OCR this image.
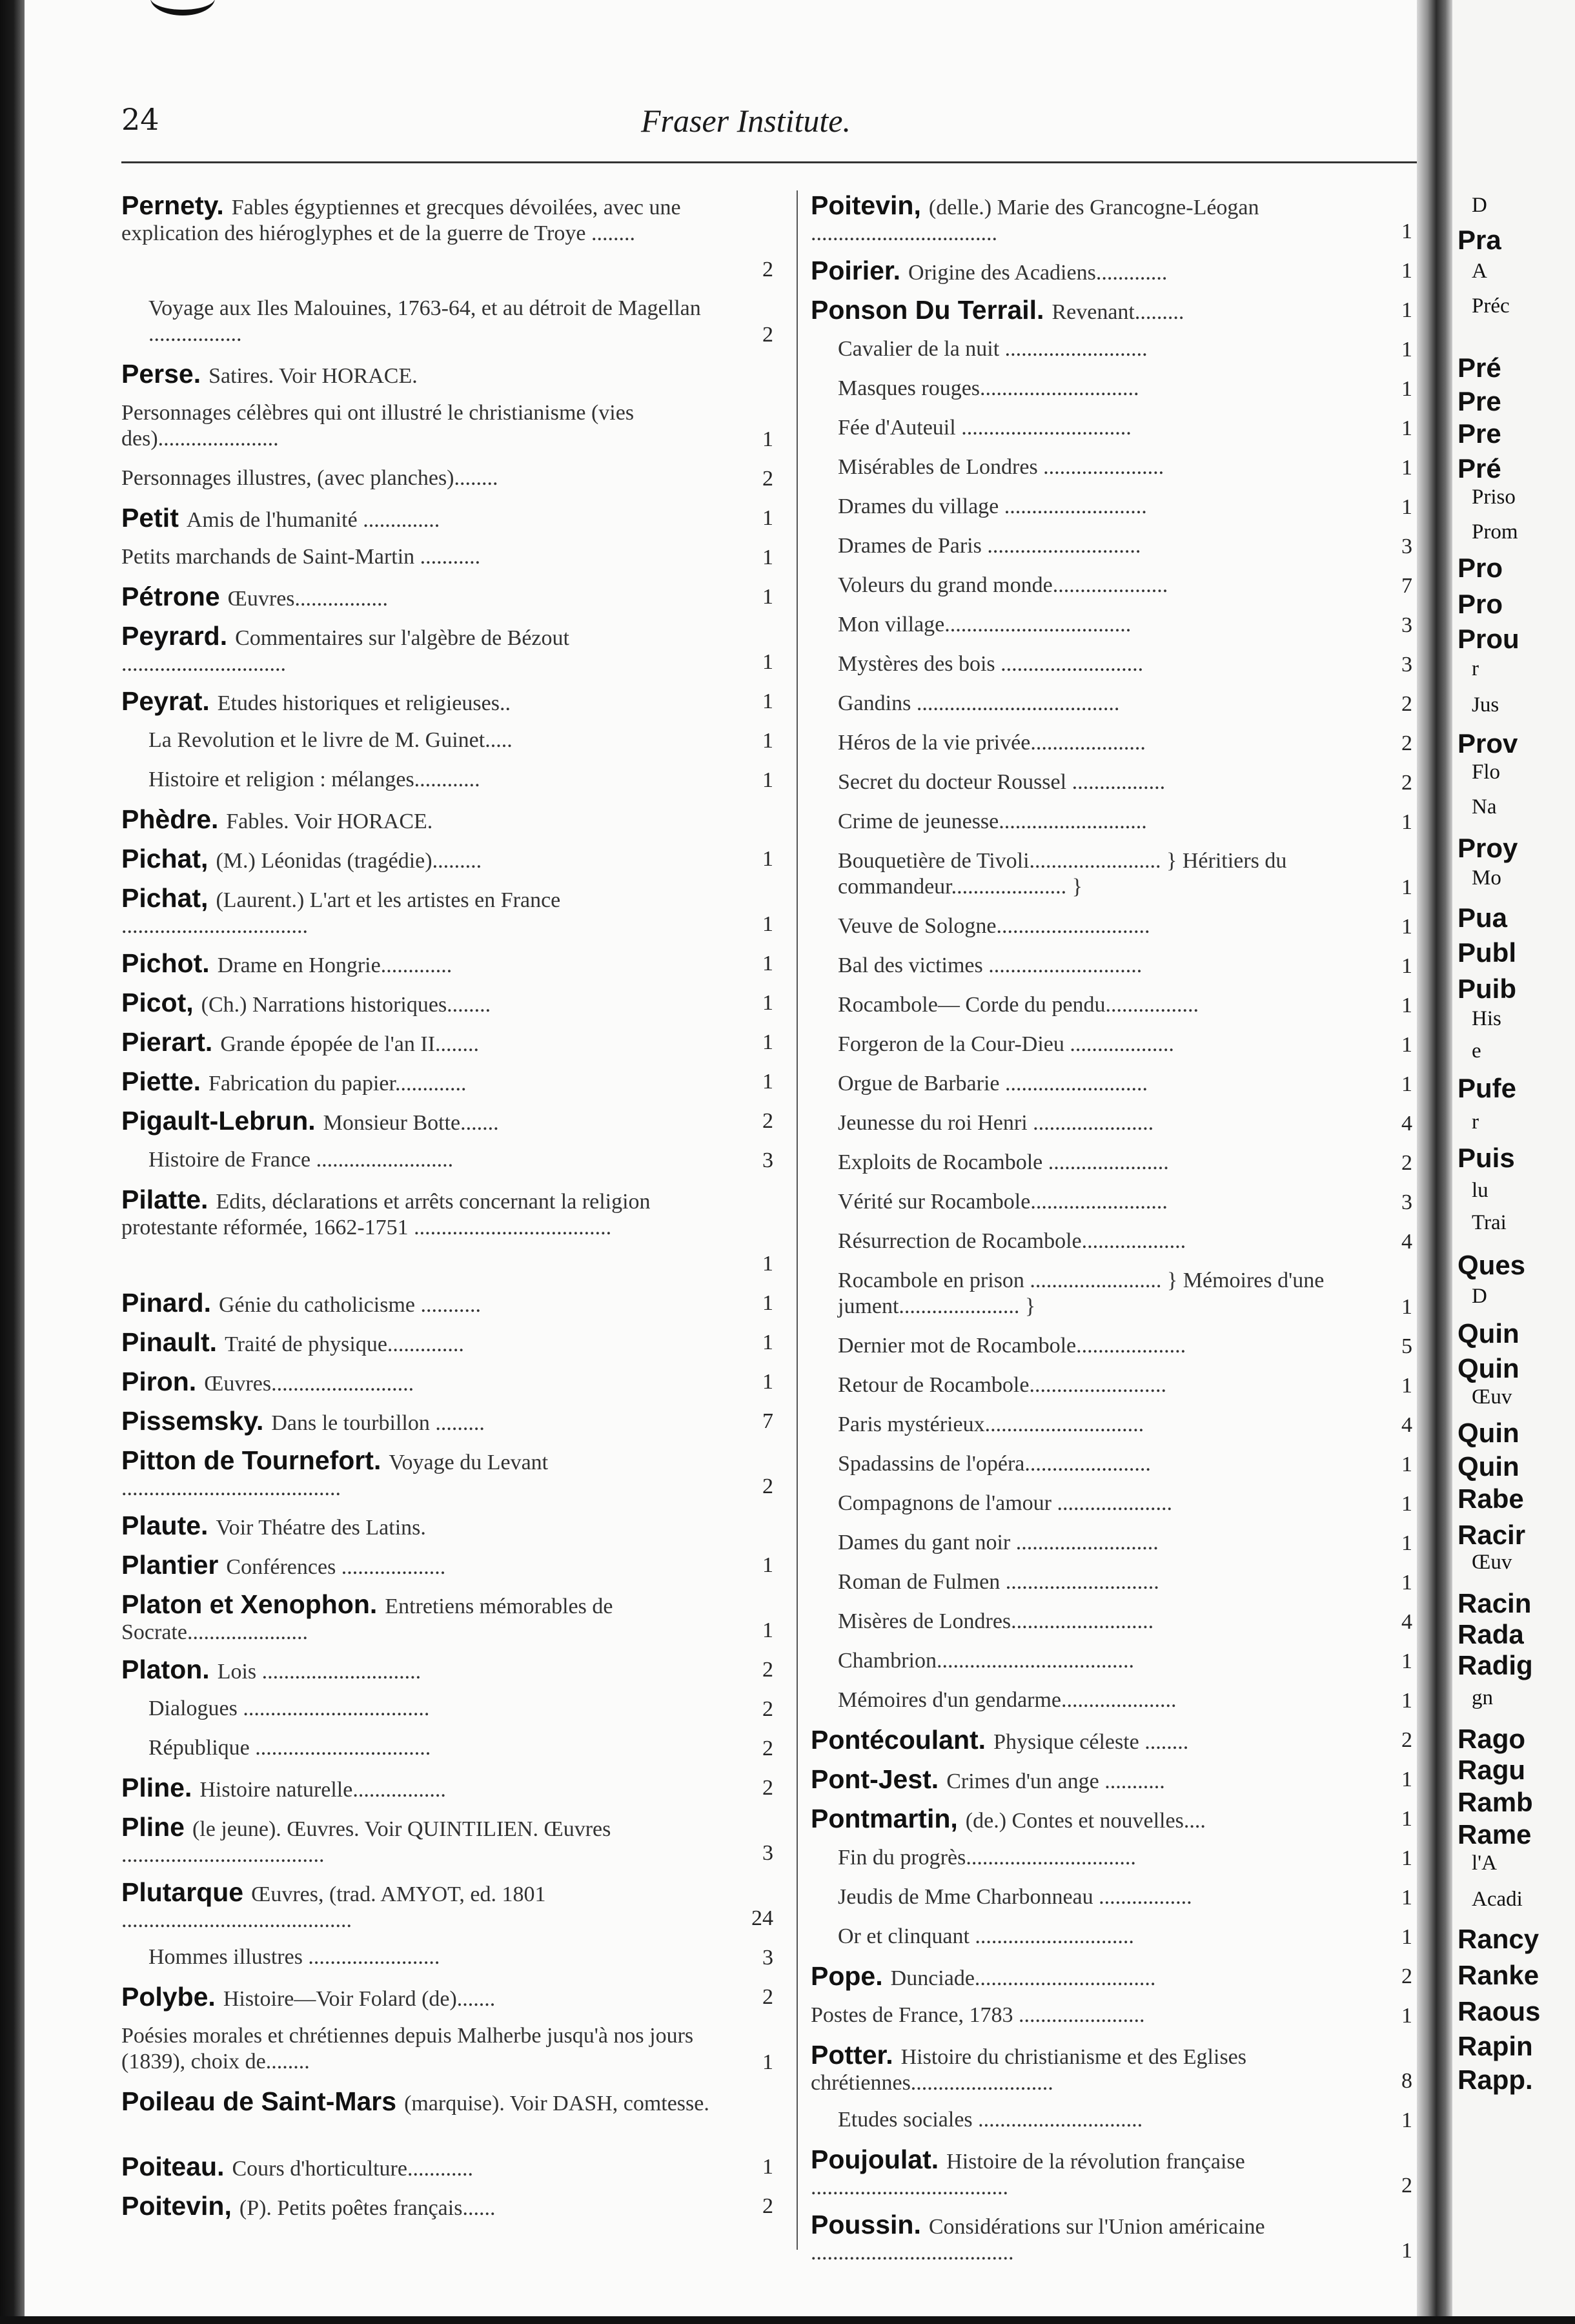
24	Fraser Institute.
Pernety. Fables égyptiennes et grecques dévoilées, avec une explication des hiéroglyphes et de la guerre de Troye ........
2
Voyage aux Iles Malouines, 1763-64, et au détroit de Magellan .................	2
Perse. Satires. Voir HORACE.
Personnages célèbres qui ont illustré le christianisme (vies des)......................	1
Personnages illustres, (avec planches)........	2
Petit Amis de l'humanité ..............	1
Petits marchands de Saint-Martin ...........	1
Pétrone Œuvres.................	1
Peyrard. Commentaires sur l'algèbre de Bézout ..............................	1
Peyrat. Etudes historiques et religieuses..	1
La Revolution et le livre de M. Guinet.....	1
Histoire et religion : mélanges............	1
Phèdre. Fables. Voir HORACE.
Pichat, (M.) Léonidas (tragédie).........	1
Pichat, (Laurent.) L'art et les artistes en France ..................................	1
Pichot. Drame en Hongrie.............	1
Picot, (Ch.) Narrations historiques........	1
Pierart. Grande épopée de l'an II........	1
Piette. Fabrication du papier.............	1
Pigault-Lebrun. Monsieur Botte.......	2
Histoire de France .........................	3
Pilatte. Edits, déclarations et arrêts concernant la religion protestante réformée, 1662-1751 ....................................
1
Pinard. Génie du catholicisme ...........	1
Pinault. Traité de physique..............	1
Piron. Œuvres..........................	1
Pissemsky. Dans le tourbillon .........	7
Pitton de Tournefort. Voyage du Levant ........................................	2
Plaute. Voir Théatre des Latins.
Plantier Conférences ...................	1
Platon et Xenophon. Entretiens mémorables de Socrate......................	1
Platon. Lois .............................	2
Dialogues ..................................	2
République ................................	2
Pline. Histoire naturelle.................	2
Pline (le jeune). Œuvres. Voir QUINTILIEN. Œuvres .....................................	3
Plutarque Œuvres, (trad. AMYOT, ed. 1801 ..........................................	24
Hommes illustres ........................	3
Polybe. Histoire—Voir Folard (de).......	2
Poésies morales et chrétiennes depuis Malherbe jusqu'à nos jours (1839), choix de........	1
Poileau de Saint-Mars (marquise). Voir DASH, comtesse.
Poiteau. Cours d'horticulture............	1
Poitevin, (P). Petits poêtes français......	2
Poitevin, (delle.) Marie des Grancogne-Léogan ..................................	1
Poirier. Origine des Acadiens.............	1
Ponson Du Terrail. Revenant.........	1
Cavalier de la nuit ..........................	1
Masques rouges.............................	1
Fée d'Auteuil ...............................	1
Misérables de Londres ......................	1
Drames du village ..........................	1
Drames de Paris ............................	3
Voleurs du grand monde.....................	7
Mon village..................................	3
Mystères des bois ..........................	3
Gandins .....................................	2
Héros de la vie privée.....................	2
Secret du docteur Roussel .................	2
Crime de jeunesse...........................	1
Bouquetière de Tivoli........................ } Héritiers du commandeur..................... }	1
Veuve de Sologne............................	1
Bal des victimes ............................	1
Rocambole— Corde du pendu.................	1
Forgeron de la Cour-Dieu ...................	1
Orgue de Barbarie ..........................	1
Jeunesse du roi Henri ......................	4
Exploits de Rocambole ......................	2
Vérité sur Rocambole.........................	3
Résurrection de Rocambole...................	4
Rocambole en prison ........................ } Mémoires d'une jument...................... }	1
Dernier mot de Rocambole....................	5
Retour de Rocambole.........................	1
Paris mystérieux.............................	4
Spadassins de l'opéra.......................	1
Compagnons de l'amour .....................	1
Dames du gant noir ..........................	1
Roman de Fulmen ............................	1
Misères de Londres..........................	4
Chambrion....................................	1
Mémoires d'un gendarme.....................	1
Pontécoulant. Physique céleste ........	2
Pont-Jest. Crimes d'un ange ...........	1
Pontmartin, (de.) Contes et nouvelles....	1
Fin du progrès...............................	1
Jeudis de Mme Charbonneau .................	1
Or et clinquant .............................	1
Pope. Dunciade.................................	2
Postes de France, 1783 .......................	1
Potter. Histoire du christianisme et des Eglises chrétiennes..........................	8
Etudes sociales ..............................	1
Poujoulat. Histoire de la révolution française ....................................	2
Poussin. Considérations sur l'Union américaine .....................................	1
D
Pra
A
Préc
Pré
Pre
Pre
Pré
Priso
Prom
Pro
Pro
Prou
r
Jus
Prov
Flo
Na
Proy
Mo
Pua
Publ
Puib
His
e
Pufe
r
Puis
lu
Trai
Ques
D
Quin
Quin
Œuv
Quin
Quin
Rabe
Racir
Œuv
Racin
Rada
Radig
gn
Rago
Ragu
Ramb
Rame
l'A
Acadi
Rancy
Ranke
Raous
Rapin
Rapp.
